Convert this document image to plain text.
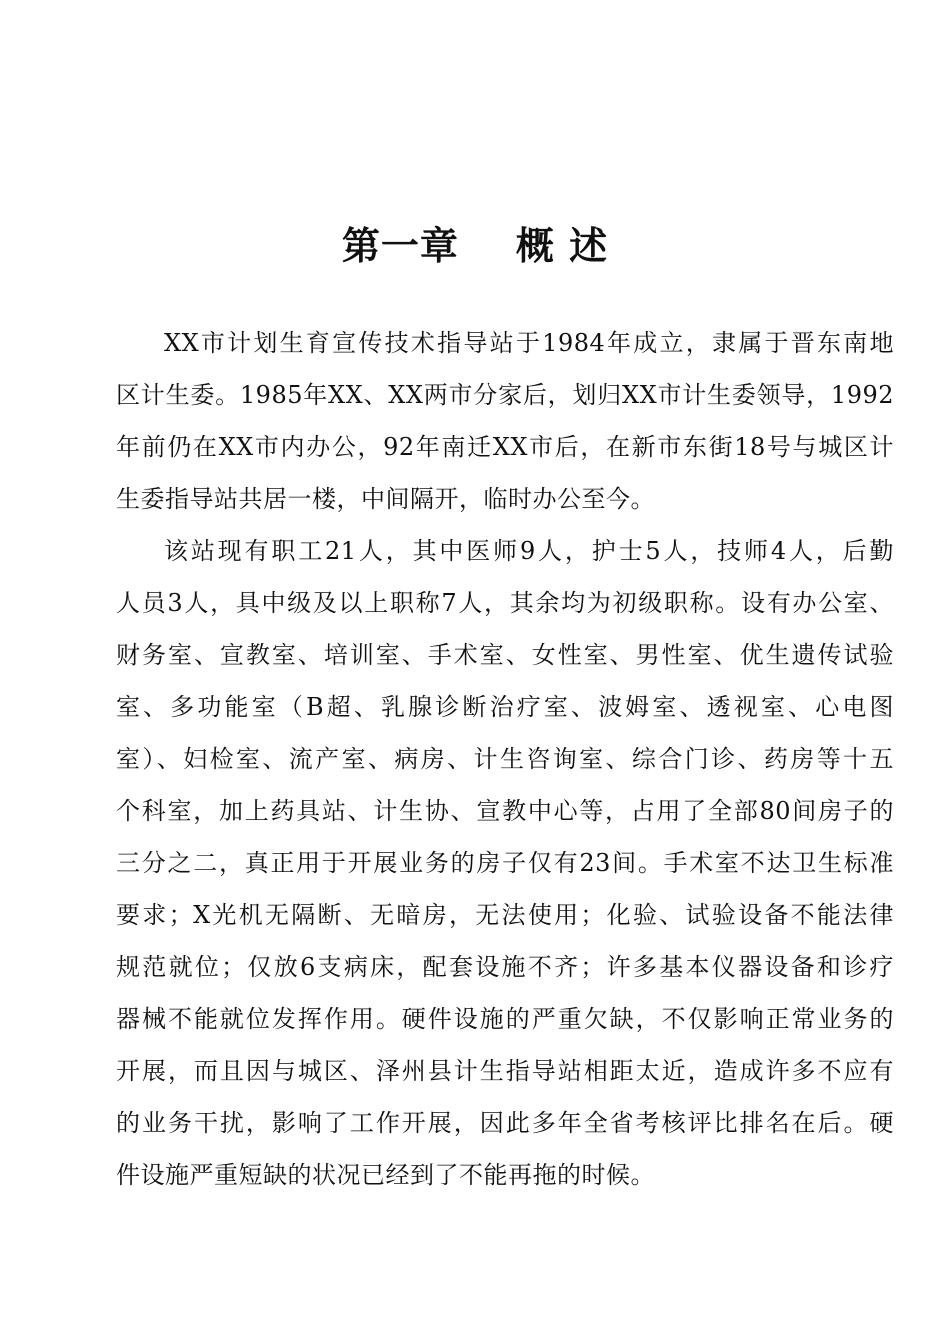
第一章    概 述
XX市计划生育宣传技术指导站于1984年成立，隶属于晋东南地
区计生委。1985年XX、XX两市分家后，划归XX市计生委领导，1992
年前仍在XX市内办公，92年南迁XX市后，在新市东街18号与城区计
生委指导站共居一楼，中间隔开，临时办公至今。
该站现有职工21人，其中医师9人，护士5人，技师4人，后勤
人员3人，具中级及以上职称7人，其余均为初级职称。设有办公室、
财务室、宣教室、培训室、手术室、女性室、男性室、优生遗传试验
室、多功能室（B超、乳腺诊断治疗室、波姆室、透视室、心电图
室）、妇检室、流产室、病房、计生咨询室、综合门诊、药房等十五
个科室，加上药具站、计生协、宣教中心等，占用了全部80间房子的
三分之二，真正用于开展业务的房子仅有23间。手术室不达卫生标准
要求；X光机无隔断、无暗房，无法使用；化验、试验设备不能法律
规范就位；仅放6支病床，配套设施不齐；许多基本仪器设备和诊疗
器械不能就位发挥作用。硬件设施的严重欠缺，不仅影响正常业务的
开展，而且因与城区、泽州县计生指导站相距太近，造成许多不应有
的业务干扰，影响了工作开展，因此多年全省考核评比排名在后。硬
件设施严重短缺的状况已经到了不能再拖的时候。
